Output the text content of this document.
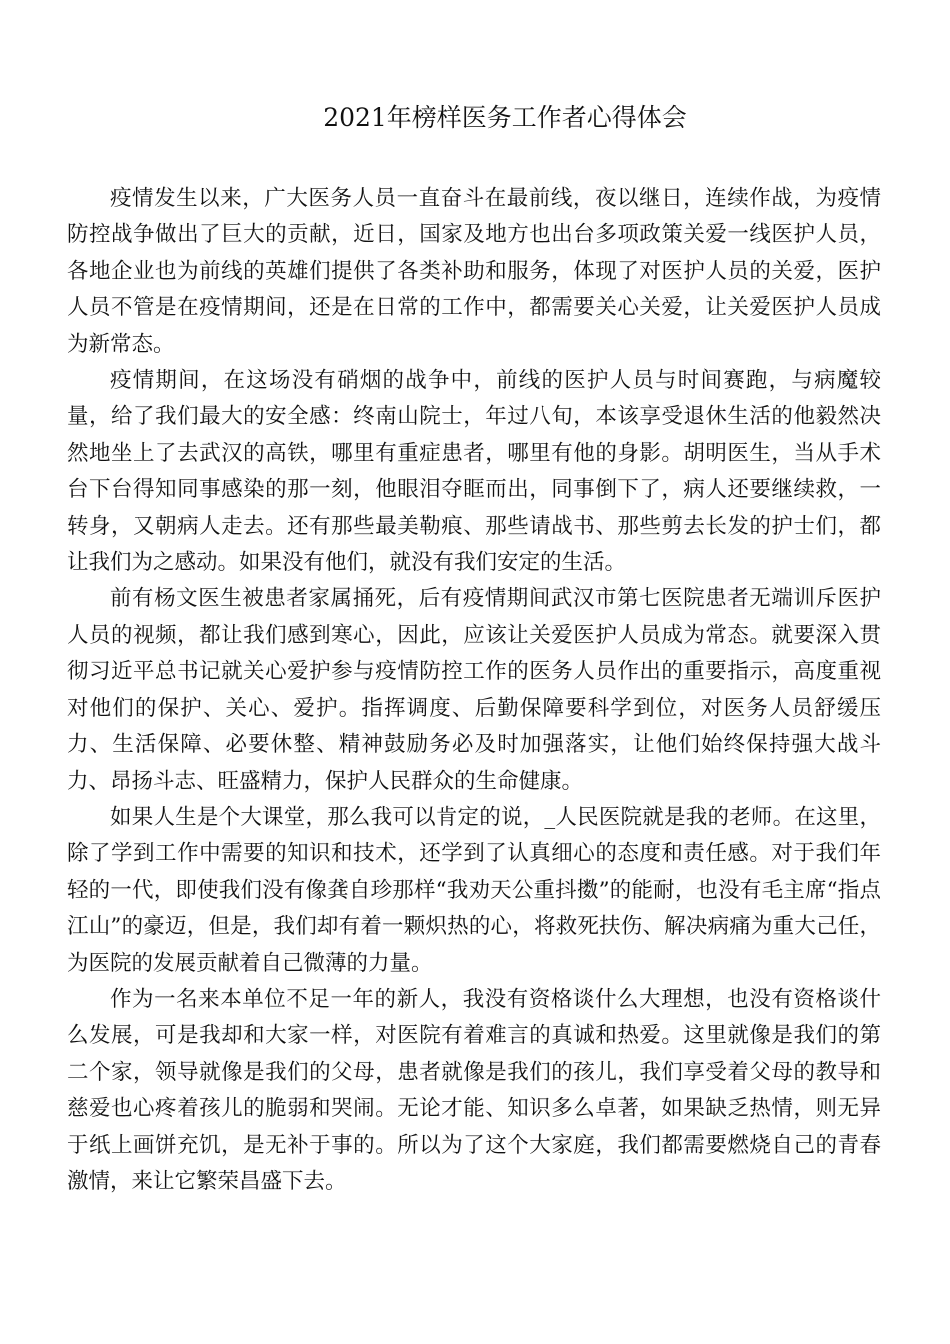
2021年榜样医务工作者心得体会

疫情发生以来，广大医务人员一直奋斗在最前线，夜以继日，连续作战，为疫情防控战争做出了巨大的贡献，近日，国家及地方也出台多项政策关爱一线医护人员，各地企业也为前线的英雄们提供了各类补助和服务，体现了对医护人员的关爱，医护人员不管是在疫情期间，还是在日常的工作中，都需要关心关爱，让关爱医护人员成为新常态。

疫情期间，在这场没有硝烟的战争中，前线的医护人员与时间赛跑，与病魔较量，给了我们最大的安全感：终南山院士，年过八旬，本该享受退休生活的他毅然决然地坐上了去武汉的高铁，哪里有重症患者，哪里有他的身影。胡明医生，当从手术台下台得知同事感染的那一刻，他眼泪夺眶而出，同事倒下了，病人还要继续救，一转身，又朝病人走去。还有那些最美勒痕、那些请战书、那些剪去长发的护士们，都让我们为之感动。如果没有他们，就没有我们安定的生活。

前有杨文医生被患者家属捅死，后有疫情期间武汉市第七医院患者无端训斥医护人员的视频，都让我们感到寒心，因此，应该让关爱医护人员成为常态。就要深入贯彻习近平总书记就关心爱护参与疫情防控工作的医务人员作出的重要指示，高度重视对他们的保护、关心、爱护。指挥调度、后勤保障要科学到位，对医务人员舒缓压力、生活保障、必要休整、精神鼓励务必及时加强落实，让他们始终保持强大战斗力、昂扬斗志、旺盛精力，保护人民群众的生命健康。

如果人生是个大课堂，那么我可以肯定的说，_人民医院就是我的老师。在这里，除了学到工作中需要的知识和技术，还学到了认真细心的态度和责任感。对于我们年轻的一代，即使我们没有像龚自珍那样“我劝天公重抖擞”的能耐，也没有毛主席“指点江山”的豪迈，但是，我们却有着一颗炽热的心，将救死扶伤、解决病痛为重大己任，为医院的发展贡献着自己微薄的力量。

作为一名来本单位不足一年的新人，我没有资格谈什么大理想，也没有资格谈什么发展，可是我却和大家一样，对医院有着难言的真诚和热爱。这里就像是我们的第二个家，领导就像是我们的父母，患者就像是我们的孩儿，我们享受着父母的教导和慈爱也心疼着孩儿的脆弱和哭闹。无论才能、知识多么卓著，如果缺乏热情，则无异于纸上画饼充饥，是无补于事的。所以为了这个大家庭，我们都需要燃烧自己的青春激情，来让它繁荣昌盛下去。
